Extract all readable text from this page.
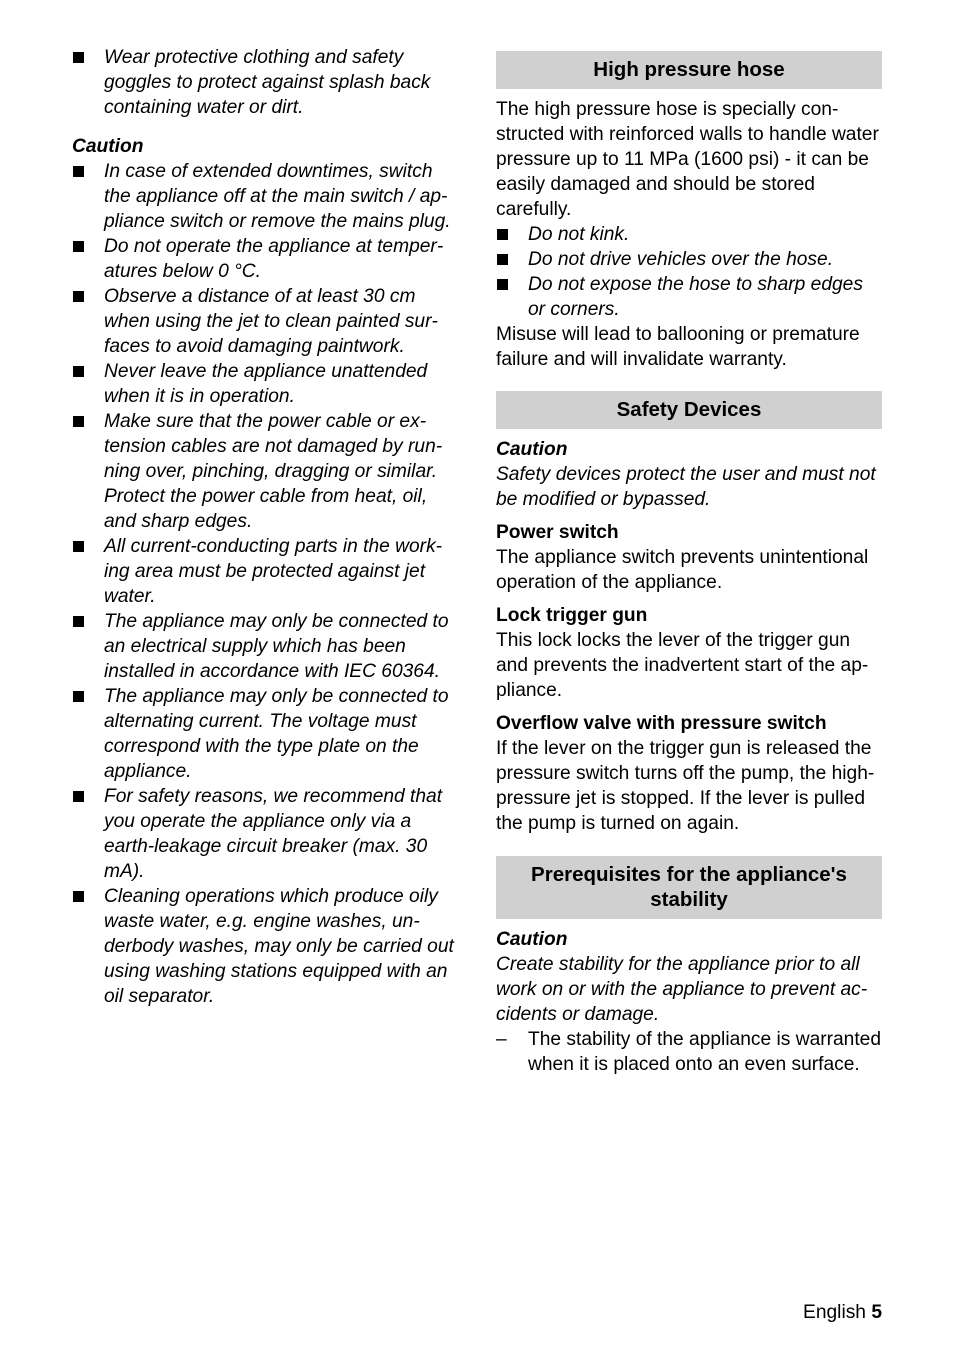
Wear protective clothing and safety goggles to protect against splash back containing water or dirt.
Caution
In case of extended downtimes, switch the appliance off at the main switch / appliance switch or remove the mains plug.
Do not operate the appliance at temperatures below 0 °C.
Observe a distance of at least 30 cm when using the jet to clean painted surfaces to avoid damaging paintwork.
Never leave the appliance unattended when it is in operation.
Make sure that the power cable or extension cables are not damaged by running over, pinching, dragging or similar. Protect the power cable from heat, oil, and sharp edges.
All current-conducting parts in the working area must be protected against jet water.
The appliance may only be connected to an electrical supply which has been installed in accordance with IEC 60364.
The appliance may only be connected to alternating current. The voltage must correspond with the type plate on the appliance.
For safety reasons, we recommend that you operate the appliance only via a earth-leakage circuit breaker (max. 30 mA).
Cleaning operations which produce oily waste water, e.g. engine washes, underbody washes, may only be carried out using washing stations equipped with an oil separator.
High pressure hose

The high pressure hose is specially constructed with reinforced walls to handle water pressure up to 11 MPa (1600 psi) - it can be easily damaged and should be stored carefully.

Do not kink.
Do not drive vehicles over the hose.
Do not expose the hose to sharp edges or corners.

Misuse will lead to ballooning or premature failure and will invalidate warranty.

Safety Devices
Caution

Safety devices protect the user and must not be modified or bypassed.

Power switch

The appliance switch prevents unintentional operation of the appliance.

Lock trigger gun

This lock locks the lever of the trigger gun and prevents the inadvertent start of the appliance.

Overflow valve with pressure switch

If the lever on the trigger gun is released the pressure switch turns off the pump, the high-pressure jet is stopped. If the lever is pulled the pump is turned on again.

Prerequisites for the appliance's stability
Caution

Create stability for the appliance prior to all work on or with the appliance to prevent accidents or damage.

– The stability of the appliance is warranted when it is placed onto an even surface.
English 5
